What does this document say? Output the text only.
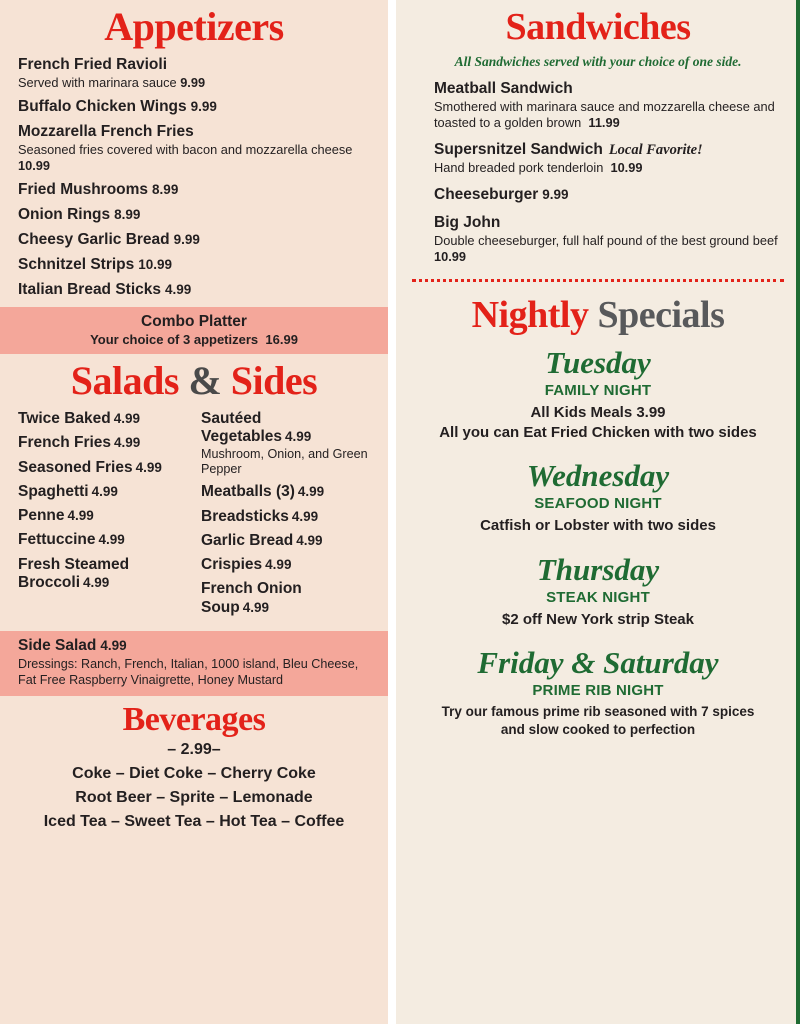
Appetizers
French Fried Ravioli
Served with marinara sauce 9.99
Buffalo Chicken Wings 9.99
Mozzarella French Fries
Seasoned fries covered with bacon and mozzarella cheese  10.99
Fried Mushrooms 8.99
Onion Rings 8.99
Cheesy Garlic Bread 9.99
Schnitzel Strips 10.99
Italian Bread Sticks 4.99
Combo Platter
Your choice of 3 appetizers 16.99
Salads & Sides
Twice Baked 4.99
French Fries 4.99
Seasoned Fries 4.99
Spaghetti 4.99
Penne 4.99
Fettuccine 4.99
Fresh Steamed Broccoli 4.99
Sautéed Vegetables 4.99
Mushroom, Onion, and Green Pepper
Meatballs (3) 4.99
Breadsticks 4.99
Garlic Bread 4.99
Crispies 4.99
French Onion Soup 4.99
Side Salad 4.99
Dressings: Ranch, French, Italian, 1000 island, Bleu Cheese, Fat Free Raspberry Vinaigrette, Honey Mustard
Beverages
– 2.99–
Coke – Diet Coke – Cherry Coke
Root Beer – Sprite – Lemonade
Iced Tea – Sweet Tea – Hot Tea – Coffee
Sandwiches
All Sandwiches served with your choice of one side.
Meatball Sandwich
Smothered with marinara sauce and mozzarella cheese and toasted to a golden brown 11.99
Supersnitzel Sandwich Local Favorite!
Hand breaded pork tenderloin 10.99
Cheeseburger 9.99
Big John
Double cheeseburger, full half pound of the best ground beef  10.99
Nightly Specials
Tuesday
FAMILY NIGHT
All Kids Meals 3.99
All you can Eat Fried Chicken with two sides
Wednesday
SEAFOOD NIGHT
Catfish or Lobster with two sides
Thursday
STEAK NIGHT
$2 off New York strip Steak
Friday & Saturday
PRIME RIB NIGHT
Try our famous prime rib seasoned with 7 spices
and slow cooked to perfection
